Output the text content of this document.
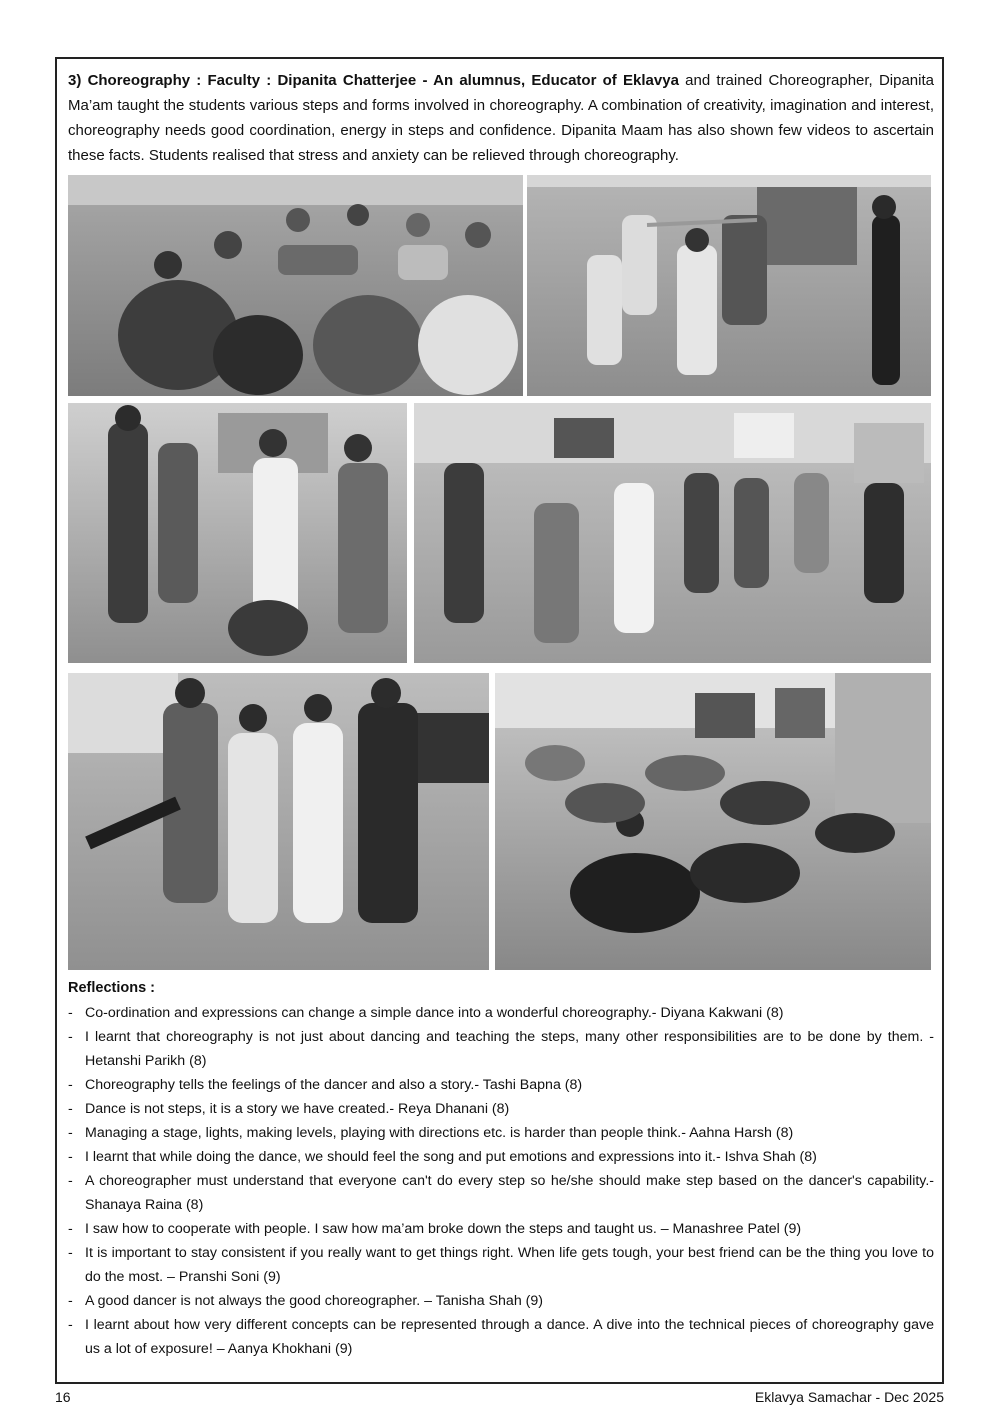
3) Choreography : Faculty : Dipanita Chatterjee - An alumnus, Educator of Eklavya and trained Choreographer, Dipanita Ma’am taught the students various steps and forms involved in choreography. A combination of creativity, imagination and interest, choreography needs good coordination, energy in steps and confidence. Dipanita Maam has also shown few videos to ascertain these facts. Students realised that stress and anxiety can be relieved through choreography.

Reflections :
- Co-ordination and expressions can change a simple dance into a wonderful choreography.- Diyana Kakwani (8)
- I learnt that choreography is not just about dancing and teaching the steps, many other responsibilities are to be done by them. - Hetanshi Parikh (8)
- Choreography tells the feelings of the dancer and also a story.- Tashi Bapna (8)
- Dance is not steps, it is a story we have created.- Reya Dhanani (8)
- Managing a stage, lights, making levels, playing with directions etc. is harder than people think.- Aahna Harsh (8)
- I learnt that while doing the dance, we should feel the song and put emotions and expressions into it.- Ishva Shah (8)
- A choreographer must understand that everyone can't do every step so he/she should make step based on the dancer's capability.- Shanaya Raina (8)
- I saw how to cooperate with people. I saw how ma’am broke down the steps and taught us. – Manashree Patel (9)
- It is important to stay consistent if you really want to get things right. When life gets tough, your best friend can be the thing you love to do the most. – Pranshi Soni (9)
- A good dancer is not always the good choreographer. – Tanisha Shah (9)
- I learnt about how very different concepts can be represented through a dance. A dive into the technical pieces of choreography gave us a lot of exposure! – Aanya Khokhani (9)
16	Eklavya Samachar - Dec 2025
